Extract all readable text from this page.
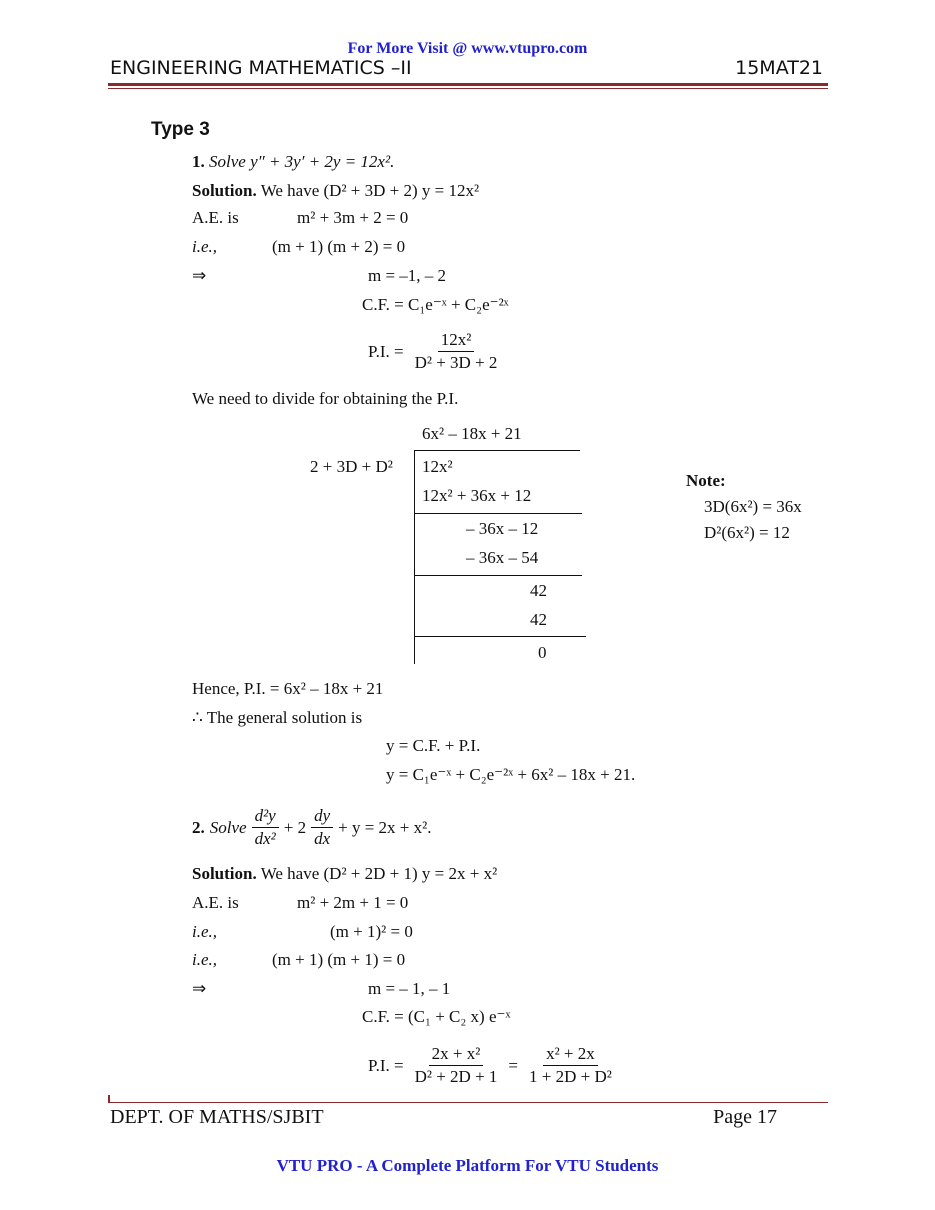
For More Visit @ www.vtupro.com
ENGINEERING MATHEMATICS –II	15MAT21
Type 3
1. Solve y″ + 3y′ + 2y = 12x².
Solution. We have (D² + 3D + 2) y = 12x²
A.E. is	m² + 3m + 2 = 0
i.e.,	(m + 1) (m + 2) = 0
⇒	m = –1, – 2
C.F. = C₁e⁻ˣ + C₂e⁻²ˣ
P.I. = $\frac{\text{12x²}}{\text{D² + 3D + 2}}$
We need to divide for obtaining the P.I.
6x² – 18x + 21
2 + 3D + D² 12x²
12x² + 36x + 12
– 36x – 12
– 36x – 54
42
42
0
Note:
3D(6x²) = 36x
D²(6x²) = 12
Hence, P.I. = 6x² – 18x + 21
∴ The general solution is
y = C.F. + P.I.
y = C₁e⁻ˣ + C₂e⁻²ˣ + 6x² – 18x + 21.
2. Solve $\frac{\text{d²y}}{\text{dx²}} + 2 \frac{dy}{dx} + y = 2x + x^2$.
Solution. We have (D² + 2D + 1) y = 2x + x²
A.E. is	m² + 2m + 1 = 0
i.e.,	(m + 1)² = 0
i.e.,	(m + 1) (m + 1) = 0
⇒	m = – 1, – 1
C.F. = (C₁ + C₂ x) e⁻ˣ
P.I. = $\frac{\text{2x + x²}}{\text{D² + 2D + 1}} = \frac{\text{x² + 2x}}{\text{1 + 2D + D²}}$
DEPT. OF MATHS/SJBIT	Page 17
VTU PRO - A Complete Platform For VTU Students
